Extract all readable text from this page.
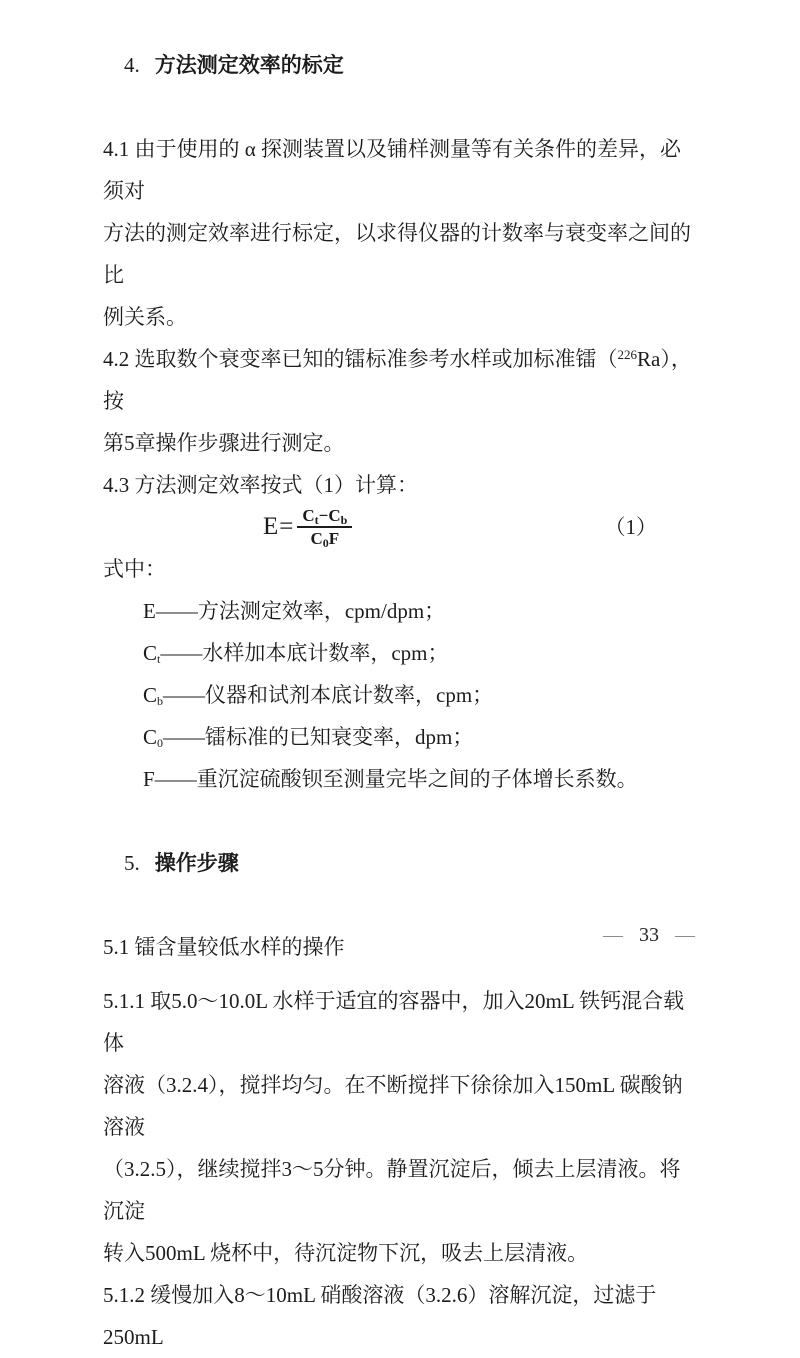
4. 方法测定效率的标定

4.1 由于使用的 α 探测装置以及铺样测量等有关条件的差异，必须对
方法的测定效率进行标定，以求得仪器的计数率与衰变率之间的比
例关系。
4.2 选取数个衰变率已知的镭标准参考水样或加标准镭（$^{226}$Ra），按
第5章操作步骤进行测定。
4.3 方法测定效率按式（1）计算：

$E= \frac{C_t-C_b}{C_0F}$

	（1）

式中：
E——方法测定效率，cpm/dpm；
$C_t——$水样加本底计数率，cpm；
$C_b——$仪器和试剂本底计数率，cpm；
$C_0——$镭标准的已知衰变率，dpm；
F——重沉淀硫酸钡至测量完毕之间的子体增长系数。

5. 操作步骤

5.1 镭含量较低水样的操作
5.1.1 取5.0～10.0L 水样于适宜的容器中，加入20mL 铁钙混合载体
溶液（3.2.4），搅拌均匀。在不断搅拌下徐徐加入150mL 碳酸钠溶液
（3.2.5），继续搅拌3～5分钟。静置沉淀后，倾去上层清液。将沉淀
转入500mL 烧杯中，待沉淀物下沉，吸去上层清液。
5.1.2 缓慢加入8～10mL 硝酸溶液（3.2.6）溶解沉淀，过滤于250mL
— 33 —
